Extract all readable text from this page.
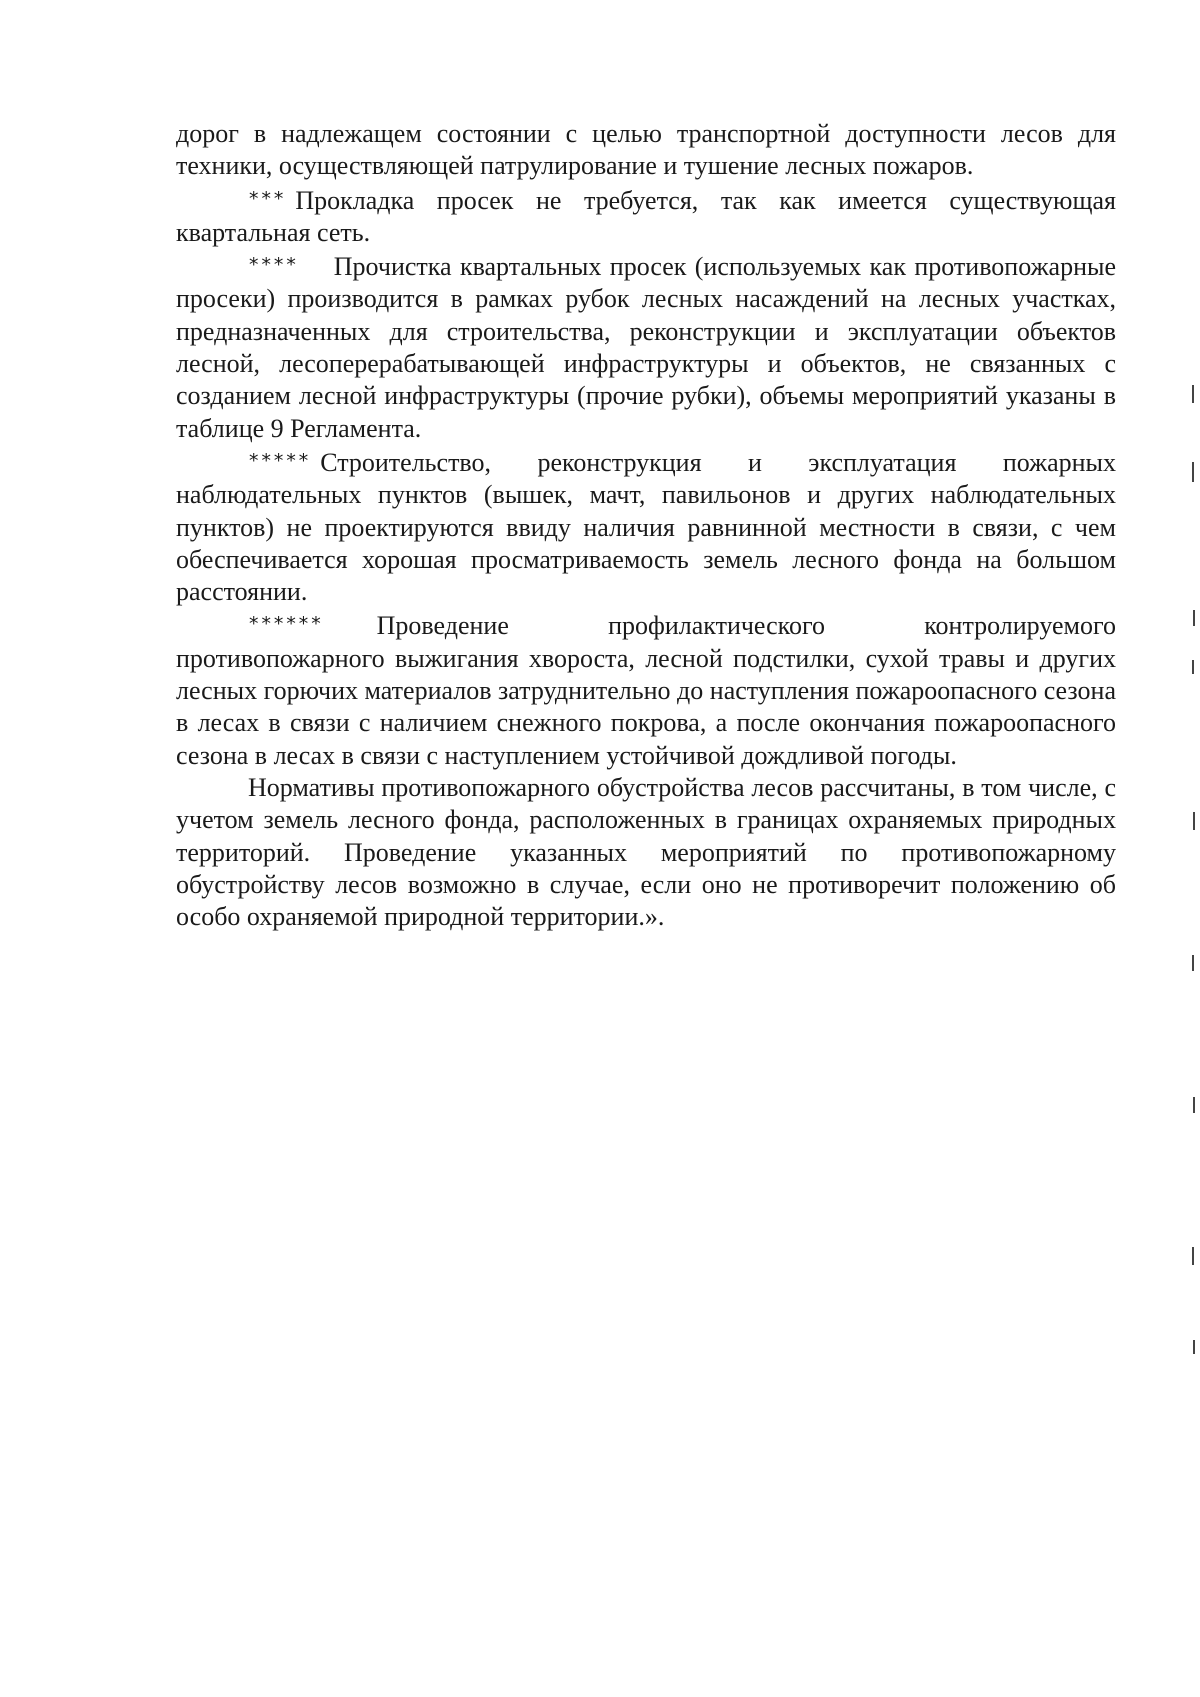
дорог в надлежащем состоянии с целью транспортной доступности лесов для техники, осуществляющей патрулирование и тушение лесных пожаров.

*** Прокладка просек не требуется, так как имеется существующая квартальная сеть.

**** Прочистка квартальных просек (используемых как противопожарные просеки) производится в рамках рубок лесных насаждений на лесных участках, предназначенных для строительства, реконструкции и эксплуатации объектов лесной, лесоперерабатывающей инфраструктуры и объектов, не связанных с созданием лесной инфраструктуры (прочие рубки), объемы мероприятий указаны в таблице 9 Регламента.

***** Строительство, реконструкция и эксплуатация пожарных наблюдательных пунктов (вышек, мачт, павильонов и других наблюдательных пунктов) не проектируются ввиду наличия равнинной местности в связи, с чем обеспечивается хорошая просматриваемость земель лесного фонда на большом расстоянии.

****** Проведение профилактического контролируемого противопожарного выжигания хвороста, лесной подстилки, сухой травы и других лесных горючих материалов затруднительно до наступления пожароопасного сезона в лесах в связи с наличием снежного покрова, а после окончания пожароопасного сезона в лесах в связи с наступлением устойчивой дождливой погоды.

Нормативы противопожарного обустройства лесов рассчитаны, в том числе, с учетом земель лесного фонда, расположенных в границах охраняемых природных территорий. Проведение указанных мероприятий по противопожарному обустройству лесов возможно в случае, если оно не противоречит положению об особо охраняемой природной территории.».
